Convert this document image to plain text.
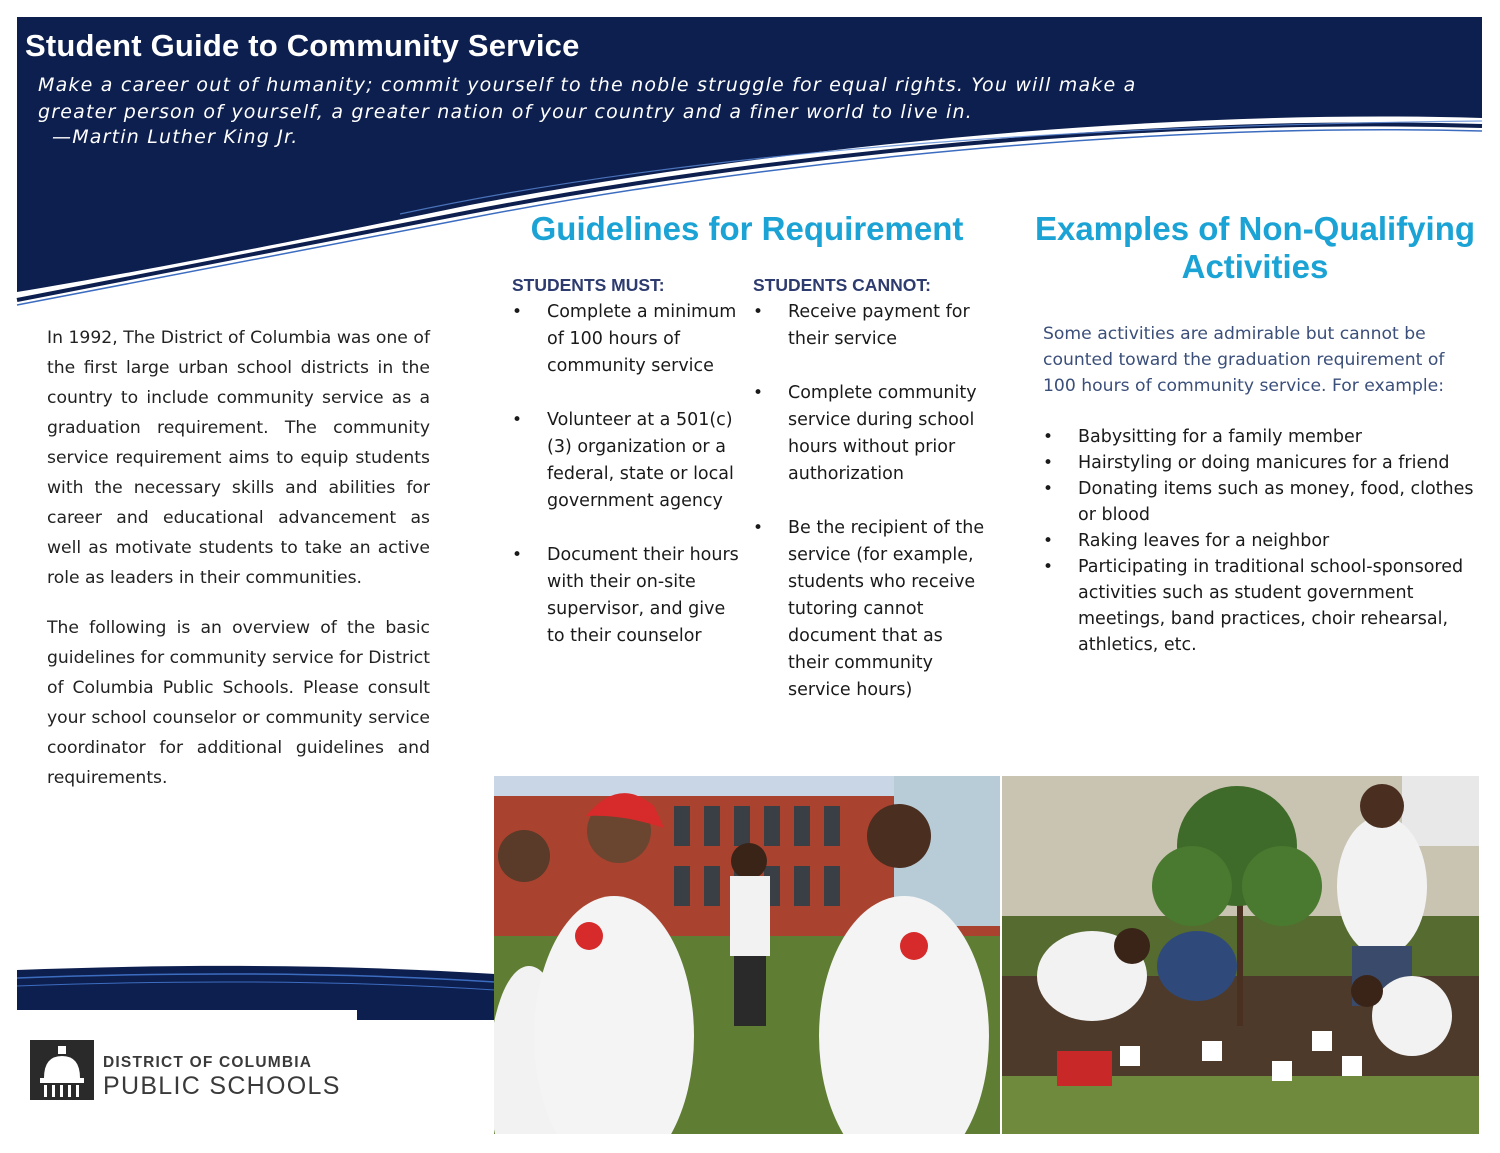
Student Guide to Community Service
Make a career out of humanity; commit yourself to the noble struggle for equal rights. You will make a greater person of yourself, a greater nation of your country and a finer world to live in.
—Martin Luther King Jr.

In 1992, The District of Columbia was one of the first large urban school districts in the country to include community service as a graduation requirement. The community service requirement aims to equip students with the necessary skills and abilities for career and educational advancement as well as motivate students to take an active role as leaders in their communities.

The following is an overview of the basic guidelines for community service for District of Columbia Public Schools. Please consult your school counselor or community service coordinator for additional guidelines and requirements.

Guidelines for Requirement
STUDENTS MUST:
• Complete a minimum of 100 hours of community service
• Volunteer at a 501(c)(3) organization or a federal, state or local government agency
• Document their hours with their on-site supervisor, and give to their counselor
STUDENTS CANNOT:
• Receive payment for their service
• Complete community service during school hours without prior authorization
• Be the recipient of the service (for example, students who receive tutoring cannot document that as their community service hours)
Examples of Non-Qualifying Activities
Some activities are admirable but cannot be counted toward the graduation requirement of 100 hours of community service. For example:
• Babysitting for a family member
• Hairstyling or doing manicures for a friend
• Donating items such as money, food, clothes or blood
• Raking leaves for a neighbor
• Participating in traditional school-sponsored activities such as student government meetings, band practices, choir rehearsal, athletics, etc.
DISTRICT OF COLUMBIA
PUBLIC SCHOOLS
